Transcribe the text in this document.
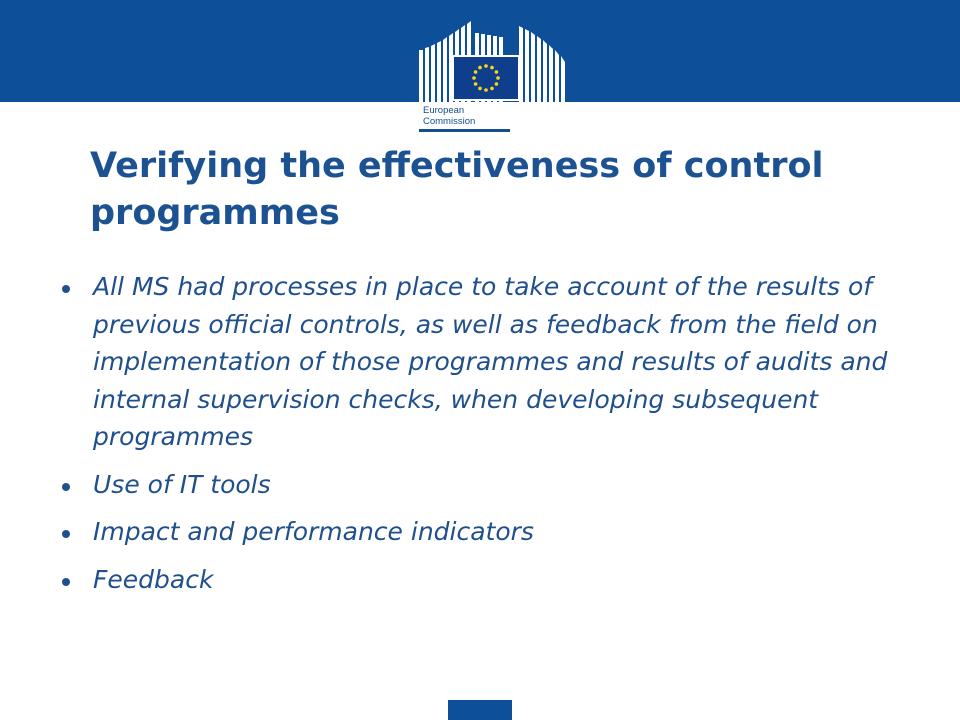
European
Commission
Verifying the effectiveness of control programmes
All MS had processes in place to take account of the results of previous official controls, as well as feedback from the field on implementation of those programmes and results of audits and internal supervision checks, when developing subsequent programmes
Use of IT tools
Impact and performance indicators
Feedback
